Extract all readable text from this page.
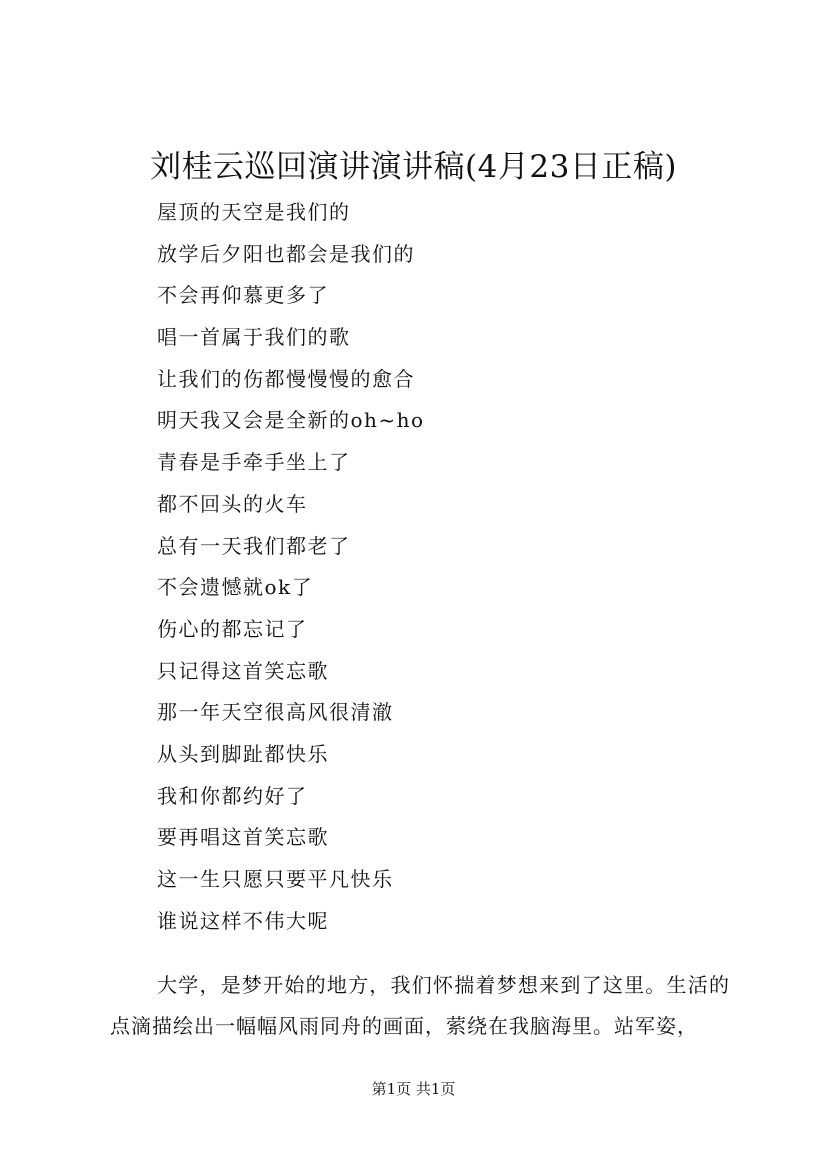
刘桂云巡回演讲演讲稿(4月23日正稿)
屋顶的天空是我们的
放学后夕阳也都会是我们的
不会再仰慕更多了
唱一首属于我们的歌
让我们的伤都慢慢慢的愈合
明天我又会是全新的oh~ho
青春是手牵手坐上了
都不回头的火车
总有一天我们都老了
不会遗憾就ok了
伤心的都忘记了
只记得这首笑忘歌
那一年天空很高风很清澈
从头到脚趾都快乐
我和你都约好了
要再唱这首笑忘歌
这一生只愿只要平凡快乐
谁说这样不伟大呢

大学，是梦开始的地方，我们怀揣着梦想来到了这里。生活的点滴描绘出一幅幅风雨同舟的画面，萦绕在我脑海里。站军姿，

第1页 共1页
